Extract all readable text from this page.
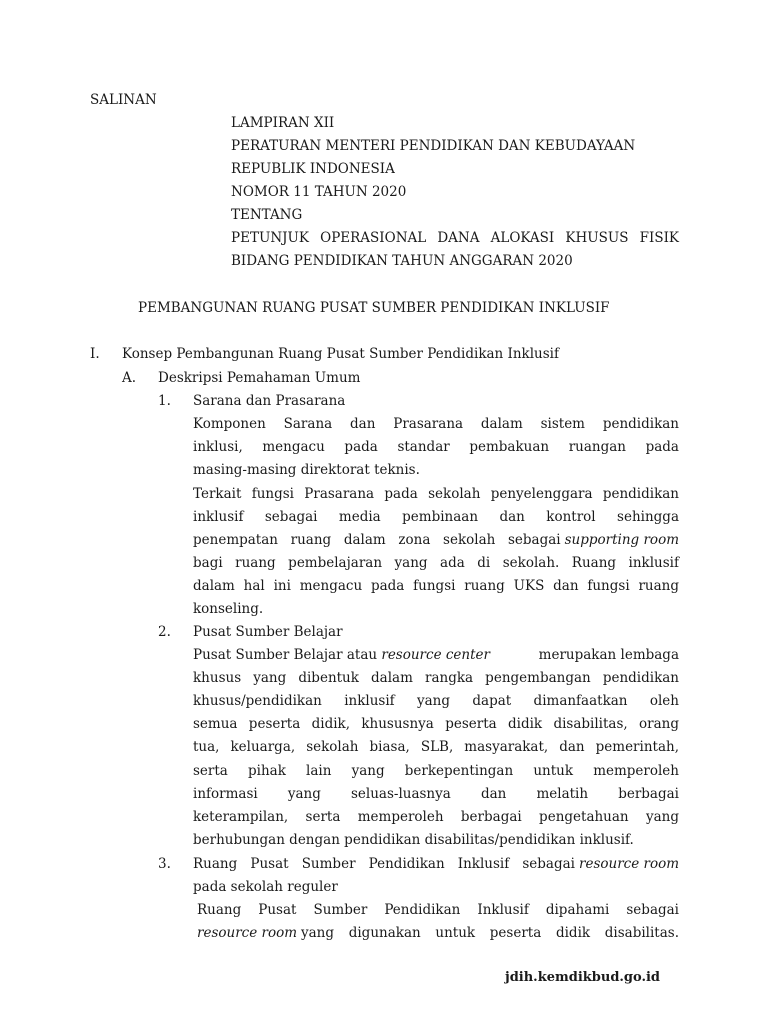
SALINAN
LAMPIRAN XII
PERATURAN MENTERI PENDIDIKAN DAN KEBUDAYAAN
REPUBLIK INDONESIA
NOMOR 11 TAHUN 2020
TENTANG
PETUNJUK OPERASIONAL DANA ALOKASI KHUSUS FISIK
BIDANG PENDIDIKAN TAHUN ANGGARAN 2020
PEMBANGUNAN RUANG PUSAT SUMBER PENDIDIKAN INKLUSIF
I. Konsep Pembangunan Ruang Pusat Sumber Pendidikan Inklusif
A. Deskripsi Pemahaman Umum
1. Sarana dan Prasarana
Komponen Sarana dan Prasarana dalam sistem pendidikan
inklusi, mengacu pada standar pembakuan ruangan pada
masing-masing direktorat teknis.
Terkait fungsi Prasarana pada sekolah penyelenggara pendidikan
inklusif sebagai media pembinaan dan kontrol sehingga
penempatan ruang dalam zona sekolah sebagai supporting room
bagi ruang pembelajaran yang ada di sekolah. Ruang inklusif
dalam hal ini mengacu pada fungsi ruang UKS dan fungsi ruang
konseling.
2. Pusat Sumber Belajar
Pusat Sumber Belajar atau resource center	merupakan lembaga
khusus yang dibentuk dalam rangka pengembangan pendidikan
khusus/pendidikan inklusif yang dapat dimanfaatkan oleh
semua peserta didik, khususnya peserta didik disabilitas, orang
tua, keluarga, sekolah biasa, SLB, masyarakat, dan pemerintah,
serta pihak lain yang berkepentingan untuk memperoleh
informasi yang seluas-luasnya dan melatih berbagai
keterampilan, serta memperoleh berbagai pengetahuan yang
berhubungan dengan pendidikan disabilitas/pendidikan inklusif.
3. Ruang Pusat Sumber Pendidikan Inklusif sebagai resource room
pada sekolah reguler
Ruang Pusat Sumber Pendidikan Inklusif dipahami sebagai
resource room yang digunakan untuk peserta didik disabilitas.
jdih.kemdikbud.go.id
